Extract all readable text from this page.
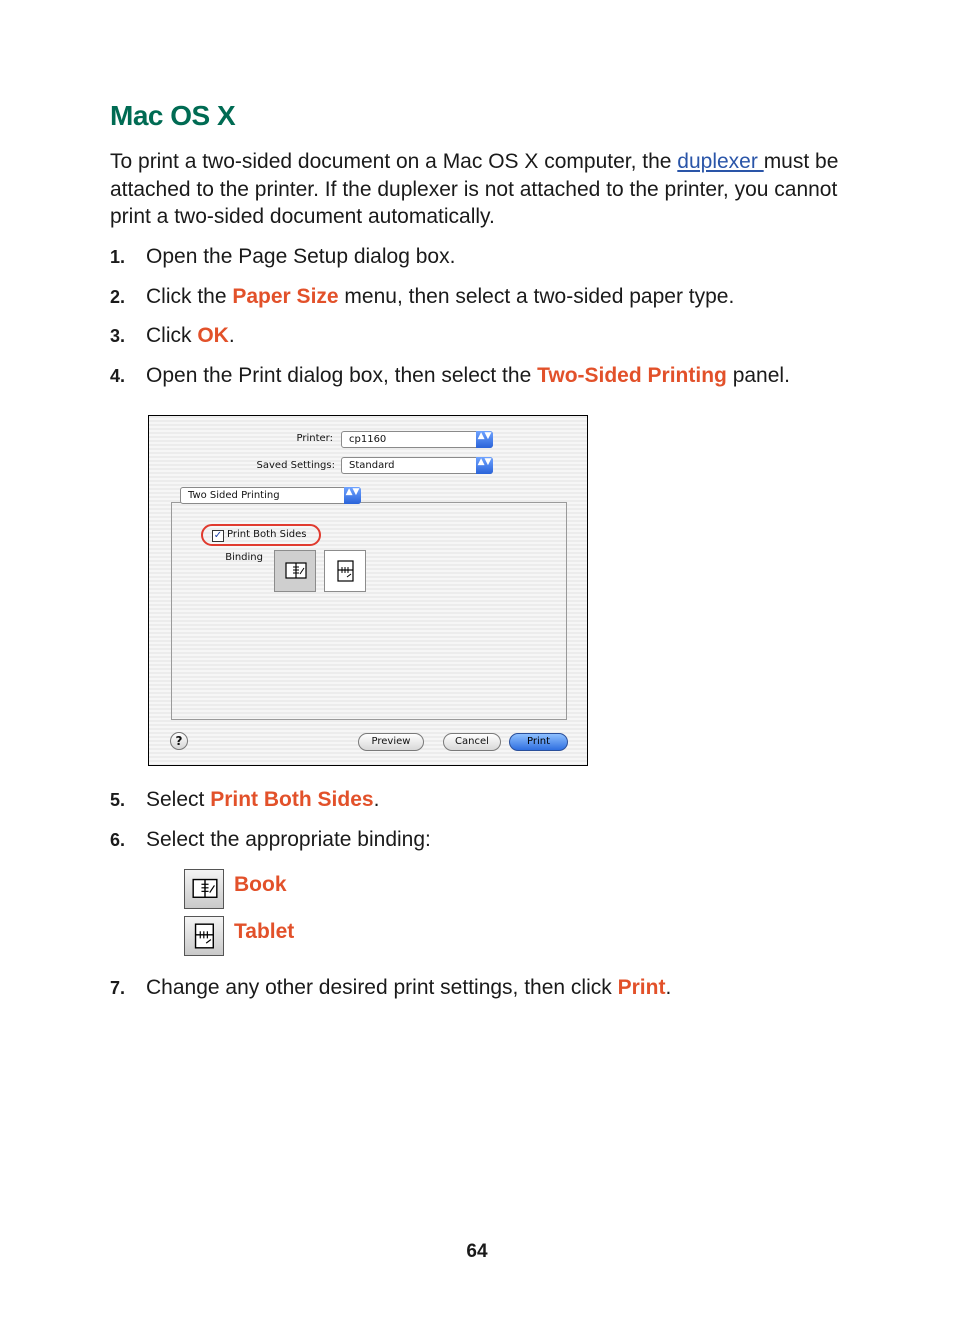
Mac OS X

To print a two-sided document on a Mac OS X computer, the duplexer must be attached to the printer. If the duplexer is not attached to the printer, you cannot print a two-sided document automatically.

1. Open the Page Setup dialog box.
2. Click the Paper Size menu, then select a two-sided paper type.
3. Click OK.
4. Open the Print dialog box, then select the Two-Sided Printing panel.
Printer:	cp1160	▲▼
Saved Settings:	Standard	▲▼
Two Sided Printing	▲▼
✓ Print Both Sides
Binding
?	Preview	Cancel	Print
5. Select Print Both Sides.
6. Select the appropriate binding:
Book
Tablet
7. Change any other desired print settings, then click Print.
64
